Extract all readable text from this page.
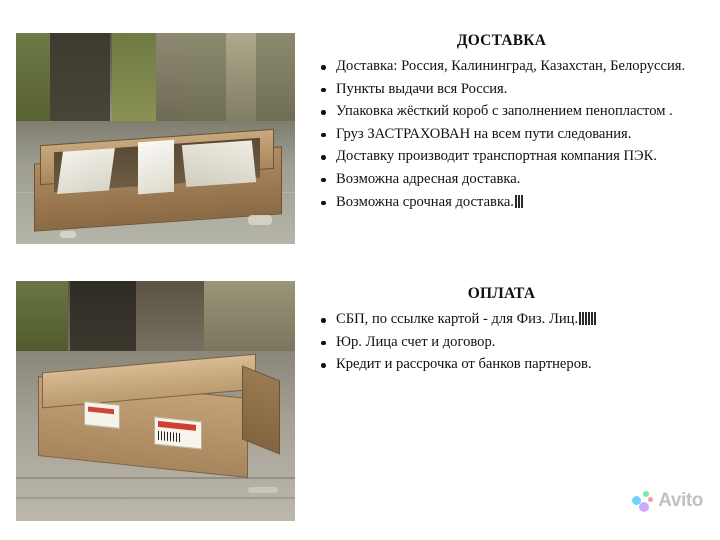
ДОСТАВКА
Доставка: Россия, Калининград, Казахстан, Белоруссия.
Пункты выдачи вся Россия.
Упаковка жёсткий короб с заполнением пенопластом .
Груз ЗАСТРАХОВАН на всем пути следования.
Доставку производит транспортная компания ПЭК.
Возможна адресная доставка.
Возможна срочная доставка.
ОПЛАТА
СБП, по ссылке картой - для Физ. Лиц.
Юр. Лица счет и договор.
Кредит и рассрочка от банков партнеров.
Avito
